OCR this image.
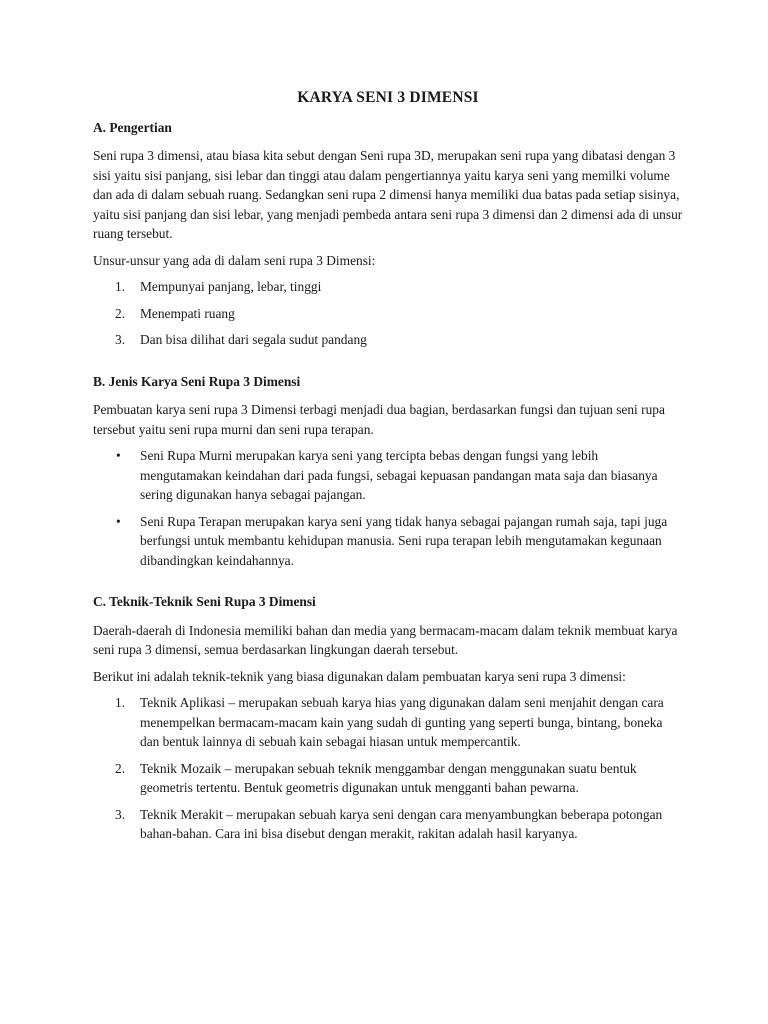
KARYA SENI 3 DIMENSI
A. Pengertian

Seni rupa 3 dimensi, atau biasa kita sebut dengan Seni rupa 3D, merupakan seni rupa yang dibatasi dengan 3 sisi yaitu sisi panjang, sisi lebar dan tinggi atau dalam pengertiannya yaitu karya seni yang memilki volume dan ada di dalam sebuah ruang. Sedangkan seni rupa 2 dimensi hanya memiliki dua batas pada setiap sisinya, yaitu sisi panjang dan sisi lebar, yang menjadi pembeda antara seni rupa 3 dimensi dan 2 dimensi ada di unsur ruang tersebut.

Unsur-unsur yang ada di dalam seni rupa 3 Dimensi:

1. Mempunyai panjang, lebar, tinggi
2. Menempati ruang
3. Dan bisa dilihat dari segala sudut pandang
B. Jenis Karya Seni Rupa 3 Dimensi

Pembuatan karya seni rupa 3 Dimensi terbagi menjadi dua bagian, berdasarkan fungsi dan tujuan seni rupa tersebut yaitu seni rupa murni dan seni rupa terapan.

• Seni Rupa Murni merupakan karya seni yang tercipta bebas dengan fungsi yang lebih mengutamakan keindahan dari pada fungsi, sebagai kepuasan pandangan mata saja dan biasanya sering digunakan hanya sebagai pajangan.
• Seni Rupa Terapan merupakan karya seni yang tidak hanya sebagai pajangan rumah saja, tapi juga berfungsi untuk membantu kehidupan manusia. Seni rupa terapan lebih mengutamakan kegunaan dibandingkan keindahannya.
C. Teknik-Teknik Seni Rupa 3 Dimensi

Daerah-daerah di Indonesia memiliki bahan dan media yang bermacam-macam dalam teknik membuat karya seni rupa 3 dimensi, semua berdasarkan lingkungan daerah tersebut.

Berikut ini adalah teknik-teknik yang biasa digunakan dalam pembuatan karya seni rupa 3 dimensi:

1. Teknik Aplikasi – merupakan sebuah karya hias yang digunakan dalam seni menjahit dengan cara menempelkan bermacam-macam kain yang sudah di gunting yang seperti bunga, bintang, boneka dan bentuk lainnya di sebuah kain sebagai hiasan untuk mempercantik.
2. Teknik Mozaik – merupakan sebuah teknik menggambar dengan menggunakan suatu bentuk geometris tertentu. Bentuk geometris digunakan untuk mengganti bahan pewarna.
3. Teknik Merakit – merupakan sebuah karya seni dengan cara menyambungkan beberapa potongan bahan-bahan. Cara ini bisa disebut dengan merakit, rakitan adalah hasil karyanya.
